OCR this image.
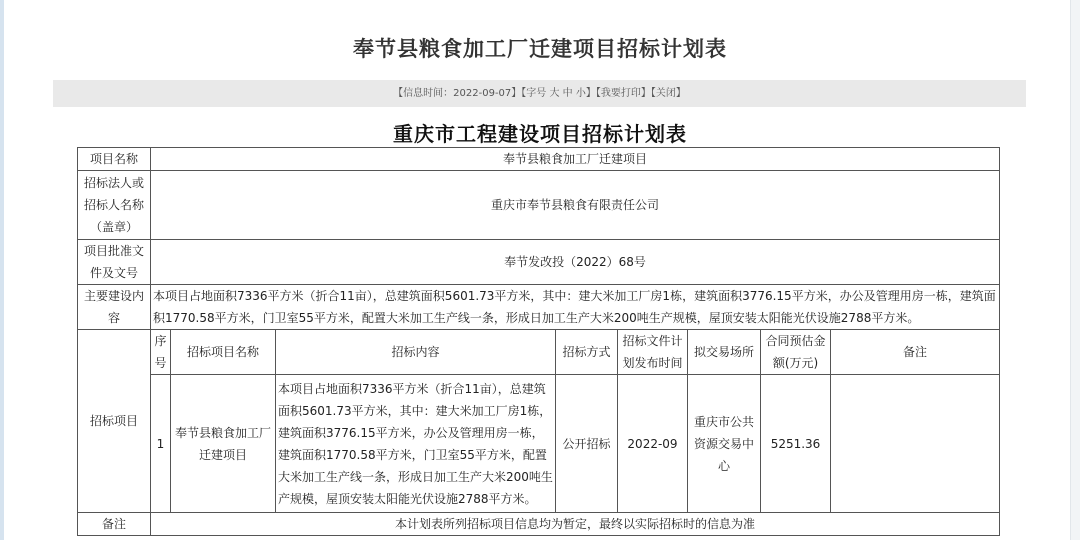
奉节县粮食加工厂迁建项目招标计划表
【信息时间：2022-09-07】【字号 大 中 小】【我要打印】【关闭】
重庆市工程建设项目招标计划表
项目名称	奉节县粮食加工厂迁建项目							
招标法人或招标人名称（盖章）	重庆市奉节县粮食有限责任公司							
项目批准文件及文号	奉节发改投（2022）68号							
主要建设内容	本项目占地面积7336平方米（折合11亩），总建筑面积5601.73平方米，其中：建大米加工厂房1栋，建筑面积3776.15平方米，办公及管理用房一栋，建筑面积1770.58平方米，门卫室55平方米，配置大米加工生产线一条，形成日加工生产大米200吨生产规模，屋顶安装太阳能光伏设施2788平方米。							
招标项目	序号	招标项目名称	招标内容	招标方式	招标文件计划发布时间	拟交易场所	合同预估金额(万元)	备注
	1	奉节县粮食加工厂迁建项目	本项目占地面积7336平方米（折合11亩），总建筑面积5601.73平方米，其中：建大米加工厂房1栋，建筑面积3776.15平方米，办公及管理用房一栋，建筑面积1770.58平方米，门卫室55平方米，配置大米加工生产线一条，形成日加工生产大米200吨生产规模，屋顶安装太阳能光伏设施2788平方米。	公开招标	2022-09	重庆市公共资源交易中心	5251.36	
备注	本计划表所列招标项目信息均为暂定，最终以实际招标时的信息为准							
